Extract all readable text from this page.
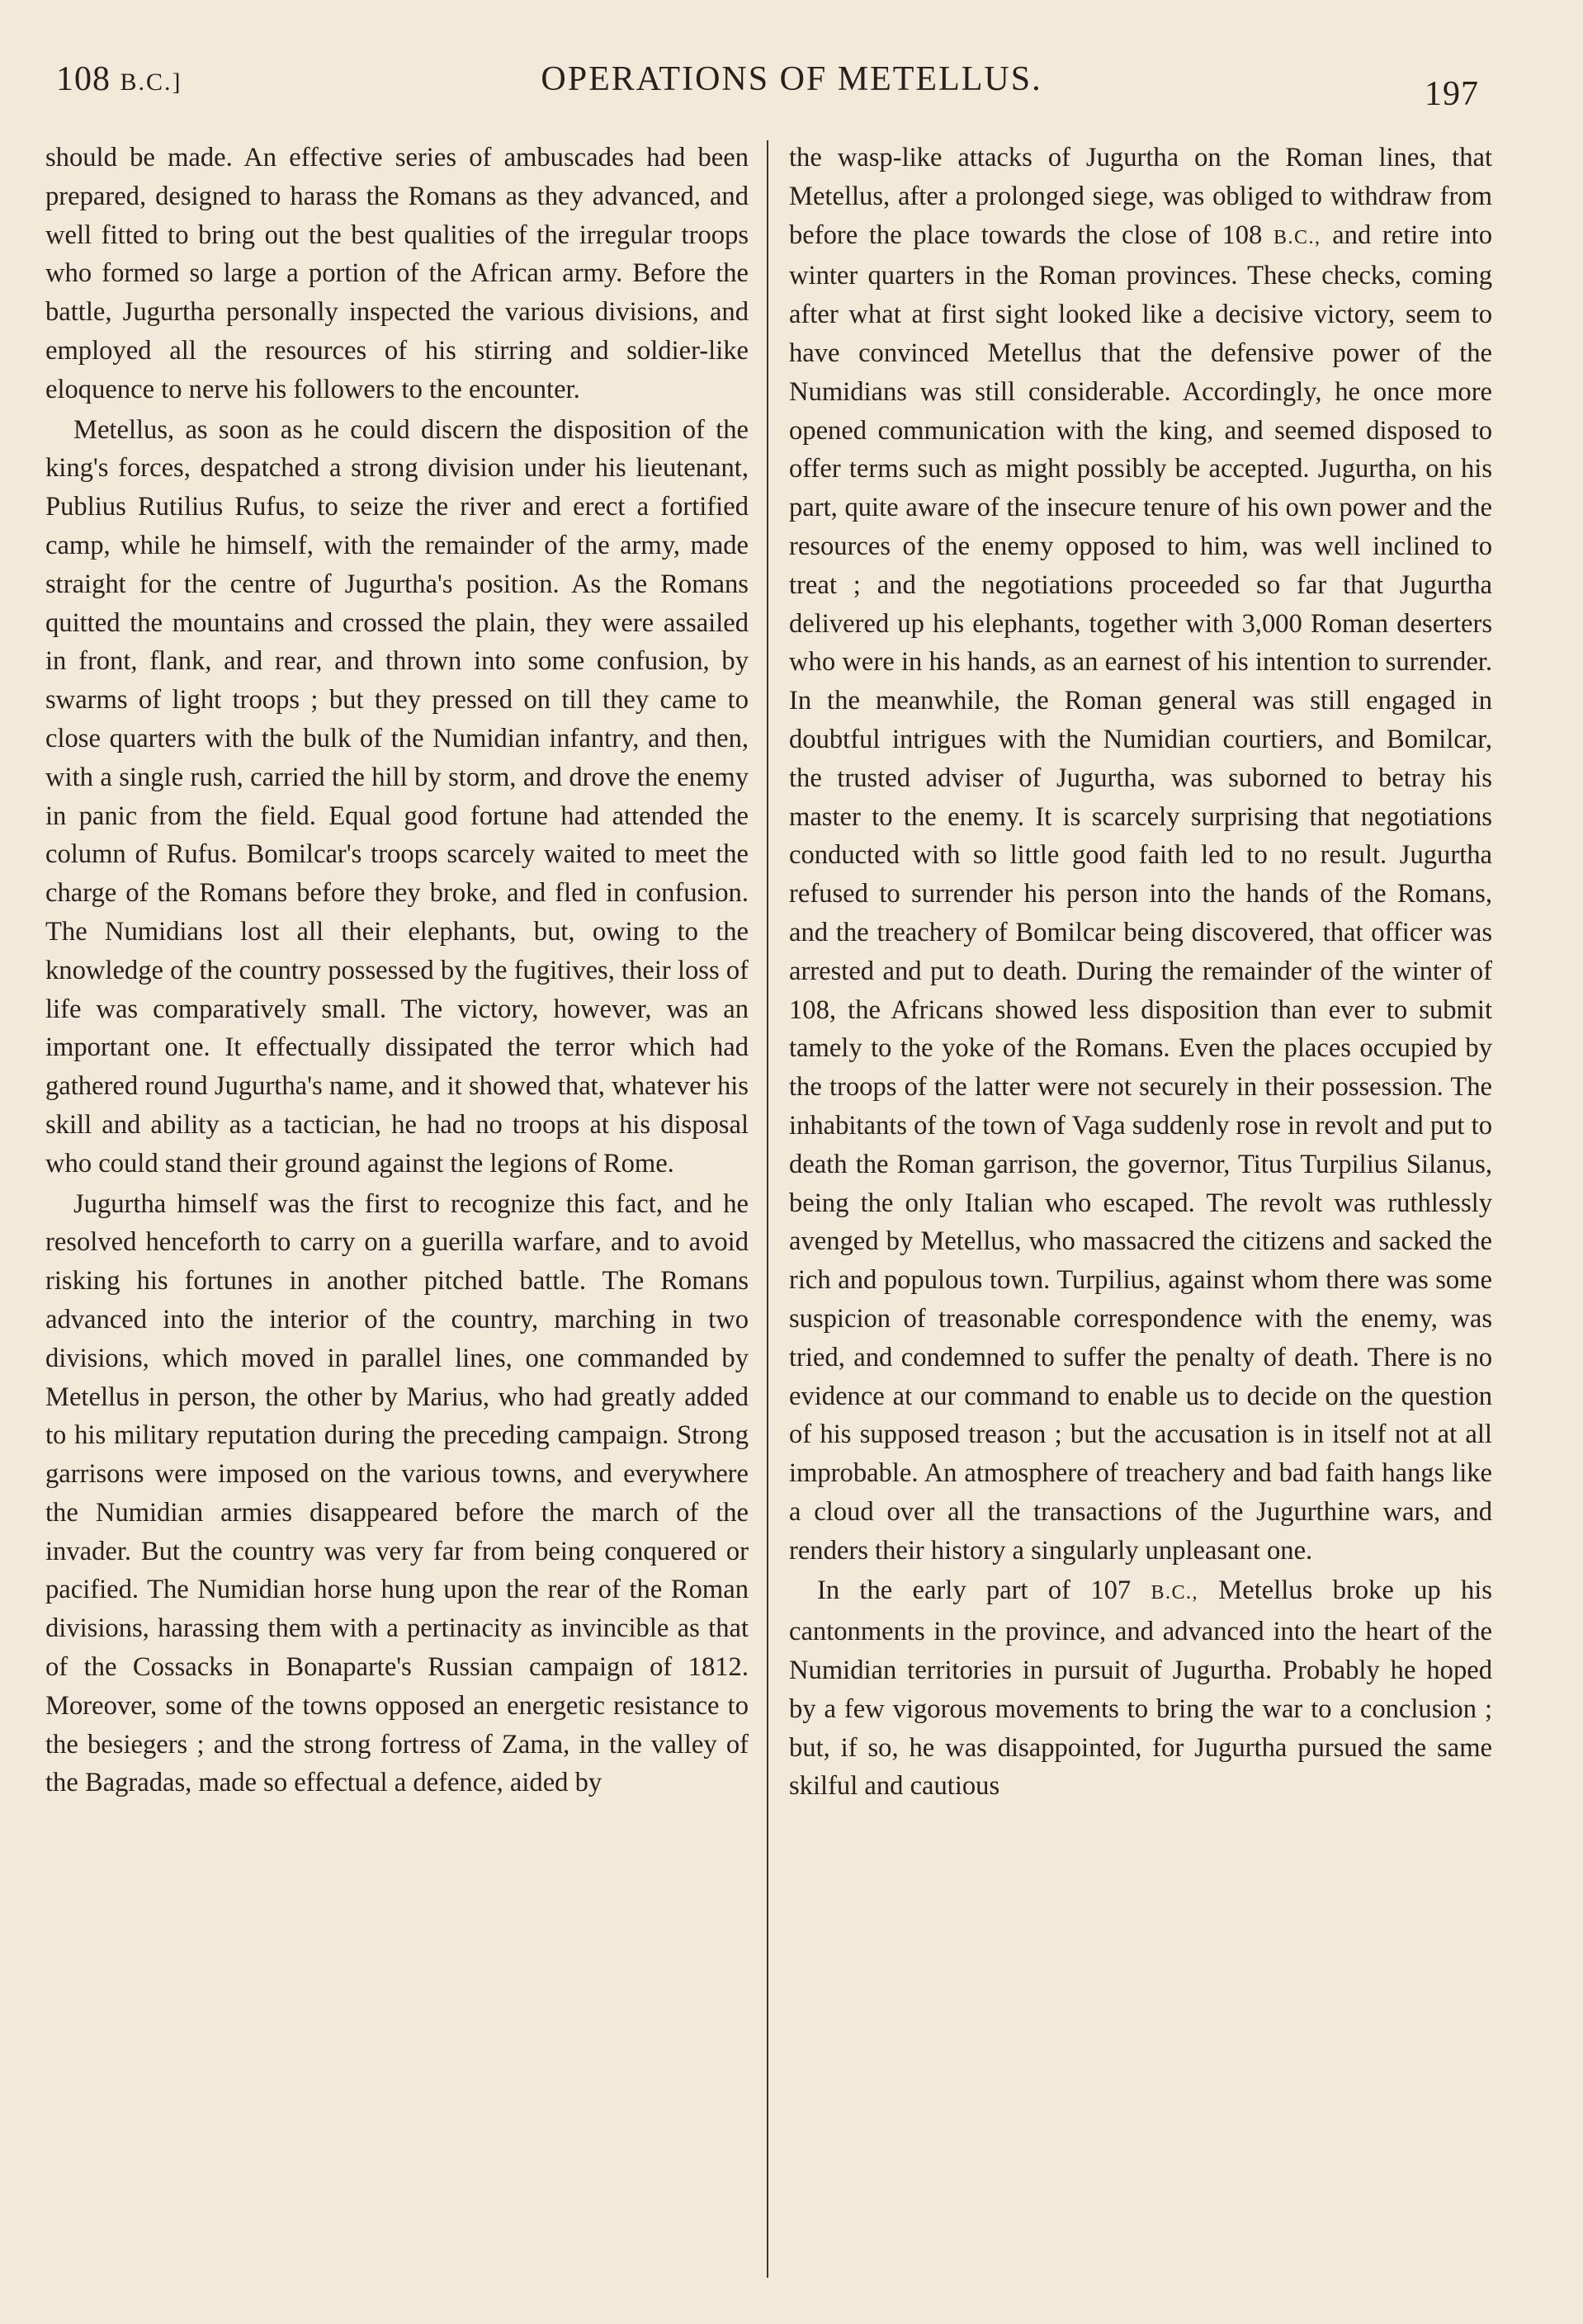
108 B.C.]	OPERATIONS OF METELLUS.	197

should be made. An effective series of ambuscades had been prepared, designed to harass the Romans as they advanced, and well fitted to bring out the best qualities of the irregular troops who formed so large a portion of the African army. Before the battle, Jugurtha personally inspected the various divisions, and employed all the resources of his stirring and soldier-like eloquence to nerve his followers to the encounter.

Metellus, as soon as he could discern the disposition of the king's forces, despatched a strong division under his lieutenant, Publius Rutilius Rufus, to seize the river and erect a fortified camp, while he himself, with the remainder of the army, made straight for the centre of Jugurtha's position. As the Romans quitted the mountains and crossed the plain, they were assailed in front, flank, and rear, and thrown into some confusion, by swarms of light troops ; but they pressed on till they came to close quarters with the bulk of the Numidian infantry, and then, with a single rush, carried the hill by storm, and drove the enemy in panic from the field. Equal good fortune had attended the column of Rufus. Bomilcar's troops scarcely waited to meet the charge of the Romans before they broke, and fled in confusion. The Numidians lost all their elephants, but, owing to the knowledge of the country possessed by the fugitives, their loss of life was comparatively small. The victory, however, was an important one. It effectually dissipated the terror which had gathered round Jugurtha's name, and it showed that, whatever his skill and ability as a tactician, he had no troops at his disposal who could stand their ground against the legions of Rome.

Jugurtha himself was the first to recognize this fact, and he resolved henceforth to carry on a guerilla warfare, and to avoid risking his fortunes in another pitched battle. The Romans advanced into the interior of the country, marching in two divisions, which moved in parallel lines, one commanded by Metellus in person, the other by Marius, who had greatly added to his military reputation during the preceding campaign. Strong garrisons were imposed on the various towns, and everywhere the Numidian armies disappeared before the march of the invader. But the country was very far from being conquered or pacified. The Numidian horse hung upon the rear of the Roman divisions, harassing them with a pertinacity as invincible as that of the Cossacks in Bonaparte's Russian campaign of 1812. Moreover, some of the towns opposed an energetic resistance to the besiegers ; and the strong fortress of Zama, in the valley of the Bagradas, made so effectual a defence, aided by

the wasp-like attacks of Jugurtha on the Roman lines, that Metellus, after a prolonged siege, was obliged to withdraw from before the place towards the close of 108 B.C., and retire into winter quarters in the Roman provinces. These checks, coming after what at first sight looked like a decisive victory, seem to have convinced Metellus that the defensive power of the Numidians was still considerable. Accordingly, he once more opened communication with the king, and seemed disposed to offer terms such as might possibly be accepted. Jugurtha, on his part, quite aware of the insecure tenure of his own power and the resources of the enemy opposed to him, was well inclined to treat ; and the negotiations proceeded so far that Jugurtha delivered up his elephants, together with 3,000 Roman deserters who were in his hands, as an earnest of his intention to surrender. In the meanwhile, the Roman general was still engaged in doubtful intrigues with the Numidian courtiers, and Bomilcar, the trusted adviser of Jugurtha, was suborned to betray his master to the enemy. It is scarcely surprising that negotiations conducted with so little good faith led to no result. Jugurtha refused to surrender his person into the hands of the Romans, and the treachery of Bomilcar being discovered, that officer was arrested and put to death. During the remainder of the winter of 108, the Africans showed less disposition than ever to submit tamely to the yoke of the Romans. Even the places occupied by the troops of the latter were not securely in their possession. The inhabitants of the town of Vaga suddenly rose in revolt and put to death the Roman garrison, the governor, Titus Turpilius Silanus, being the only Italian who escaped. The revolt was ruthlessly avenged by Metellus, who massacred the citizens and sacked the rich and populous town. Turpilius, against whom there was some suspicion of treasonable correspondence with the enemy, was tried, and condemned to suffer the penalty of death. There is no evidence at our command to enable us to decide on the question of his supposed treason ; but the accusation is in itself not at all improbable. An atmosphere of treachery and bad faith hangs like a cloud over all the transactions of the Jugurthine wars, and renders their history a singularly unpleasant one.

In the early part of 107 B.C., Metellus broke up his cantonments in the province, and advanced into the heart of the Numidian territories in pursuit of Jugurtha. Probably he hoped by a few vigorous movements to bring the war to a conclusion ; but, if so, he was disappointed, for Jugurtha pursued the same skilful and cautious
